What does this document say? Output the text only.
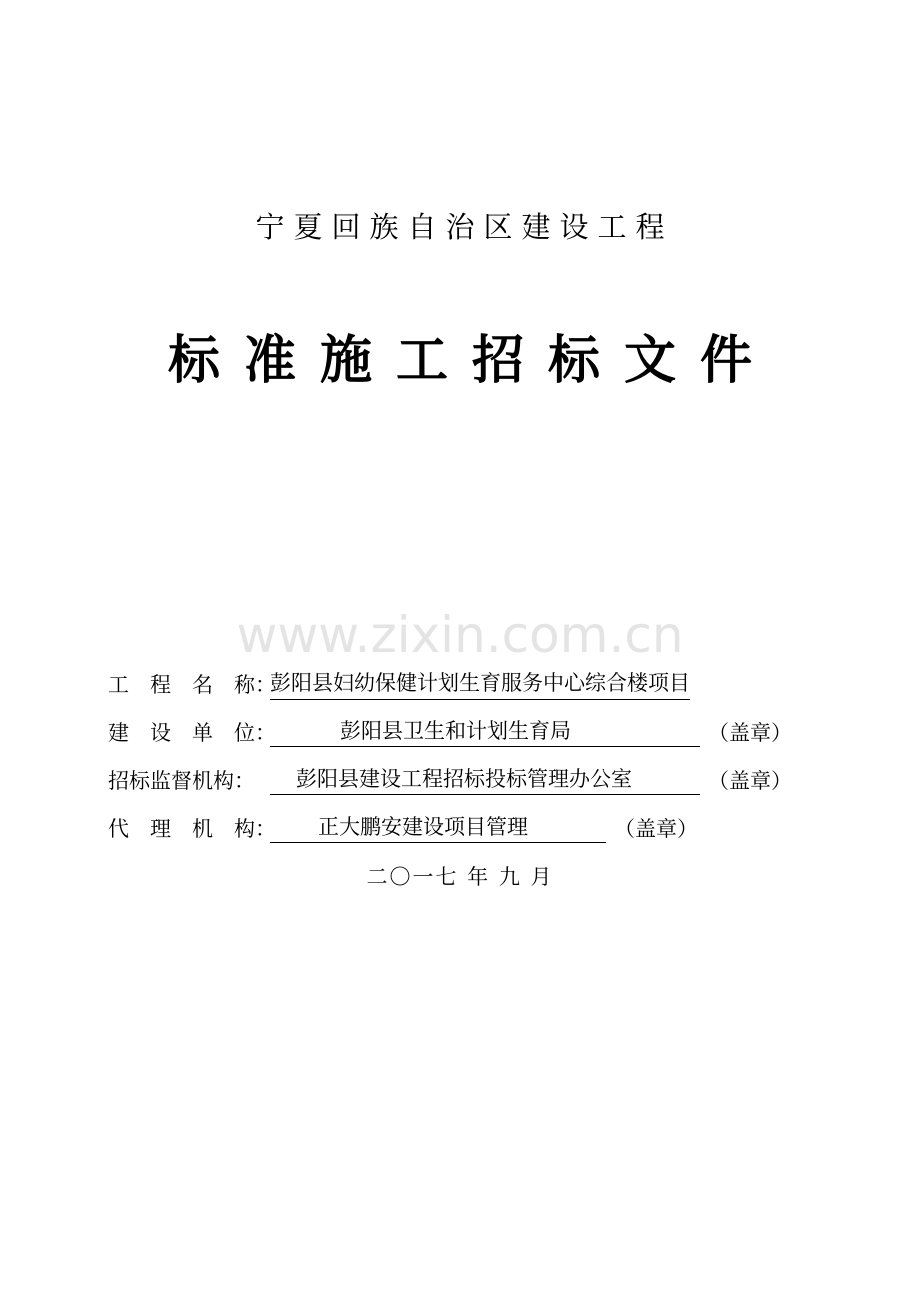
宁夏回族自治区建设工程
标准施工招标文件
www.zixin.com.cn
工　程　名　称：彭阳县妇幼保健计划生育服务中心综合楼项目
建　设　单　位：	彭阳县卫生和计划生育局	（盖章）
招标监督机构： 彭阳县建设工程招标投标管理办公室	（盖章）
代　理　机　构： 正大鹏安建设项目管理	（盖章）
二〇一七 年 九 月
